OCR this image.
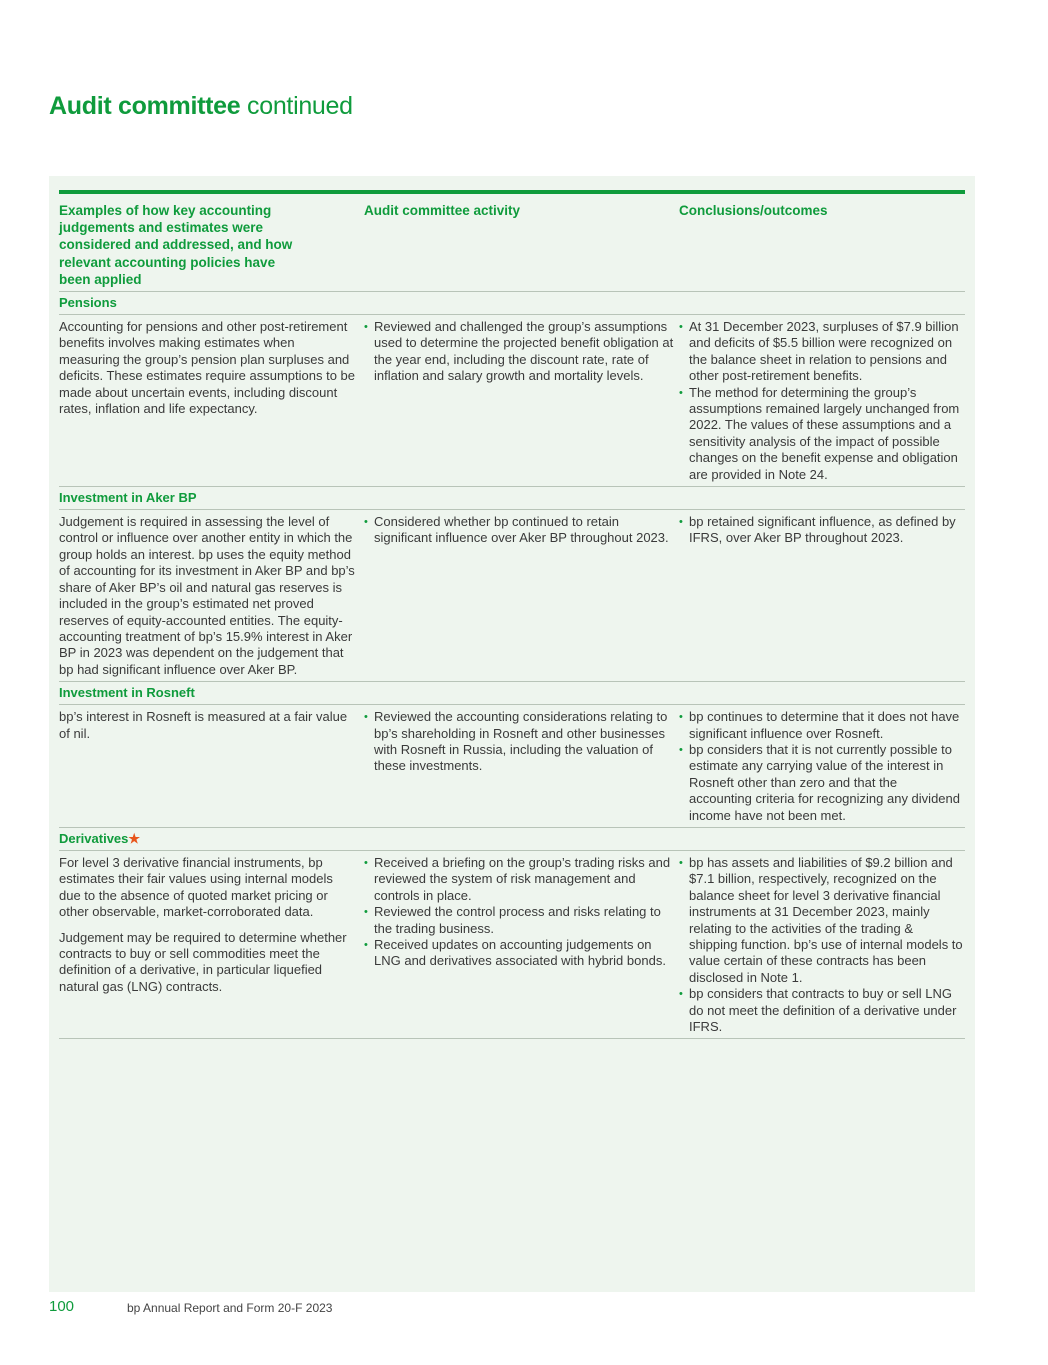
Audit committee continued
Examples of how key accounting judgements and estimates were considered and addressed, and how relevant accounting policies have been applied
Audit committee activity	Conclusions/outcomes
Pensions

Accounting for pensions and other post-retirement benefits involves making estimates when measuring the group’s pension plan surpluses and deficits. These estimates require assumptions to be made about uncertain events, including discount rates, inflation and life expectancy.

• Reviewed and challenged the group’s assumptions used to determine the projected benefit obligation at the year end, including the discount rate, rate of inflation and salary growth and mortality levels.
• At 31 December 2023, surpluses of $7.9 billion and deficits of $5.5 billion were recognized on the balance sheet in relation to pensions and other post-retirement benefits.
• The method for determining the group’s assumptions remained largely unchanged from 2022. The values of these assumptions and a sensitivity analysis of the impact of possible changes on the benefit expense and obligation are provided in Note 24.
Investment in Aker BP

Judgement is required in assessing the level of control or influence over another entity in which the group holds an interest. bp uses the equity method of accounting for its investment in Aker BP and bp’s share of Aker BP’s oil and natural gas reserves is included in the group’s estimated net proved reserves of equity-accounted entities. The equity-accounting treatment of bp’s 15.9% interest in Aker BP in 2023 was dependent on the judgement that bp had significant influence over Aker BP.

• Considered whether bp continued to retain significant influence over Aker BP throughout 2023.
• bp retained significant influence, as defined by IFRS, over Aker BP throughout 2023.
Investment in Rosneft

bp’s interest in Rosneft is measured at a fair value of nil.

• Reviewed the accounting considerations relating to bp’s shareholding in Rosneft and other businesses with Rosneft in Russia, including the valuation of these investments.
• bp continues to determine that it does not have significant influence over Rosneft.
• bp considers that it is not currently possible to estimate any carrying value of the interest in Rosneft other than zero and that the accounting criteria for recognizing any dividend income have not been met.
Derivatives ★

For level 3 derivative financial instruments, bp estimates their fair values using internal models due to the absence of quoted market pricing or other observable, market-corroborated data.

Judgement may be required to determine whether contracts to buy or sell commodities meet the definition of a derivative, in particular liquefied natural gas (LNG) contracts.

• Received a briefing on the group’s trading risks and reviewed the system of risk management and controls in place.
• Reviewed the control process and risks relating to the trading business.
• Received updates on accounting judgements on LNG and derivatives associated with hybrid bonds.
• bp has assets and liabilities of $9.2 billion and $7.1 billion, respectively, recognized on the balance sheet for level 3 derivative financial instruments at 31 December 2023, mainly relating to the activities of the trading & shipping function. bp’s use of internal models to value certain of these contracts has been disclosed in Note 1.
• bp considers that contracts to buy or sell LNG do not meet the definition of a derivative under IFRS.
100	bp Annual Report and Form 20-F 2023
